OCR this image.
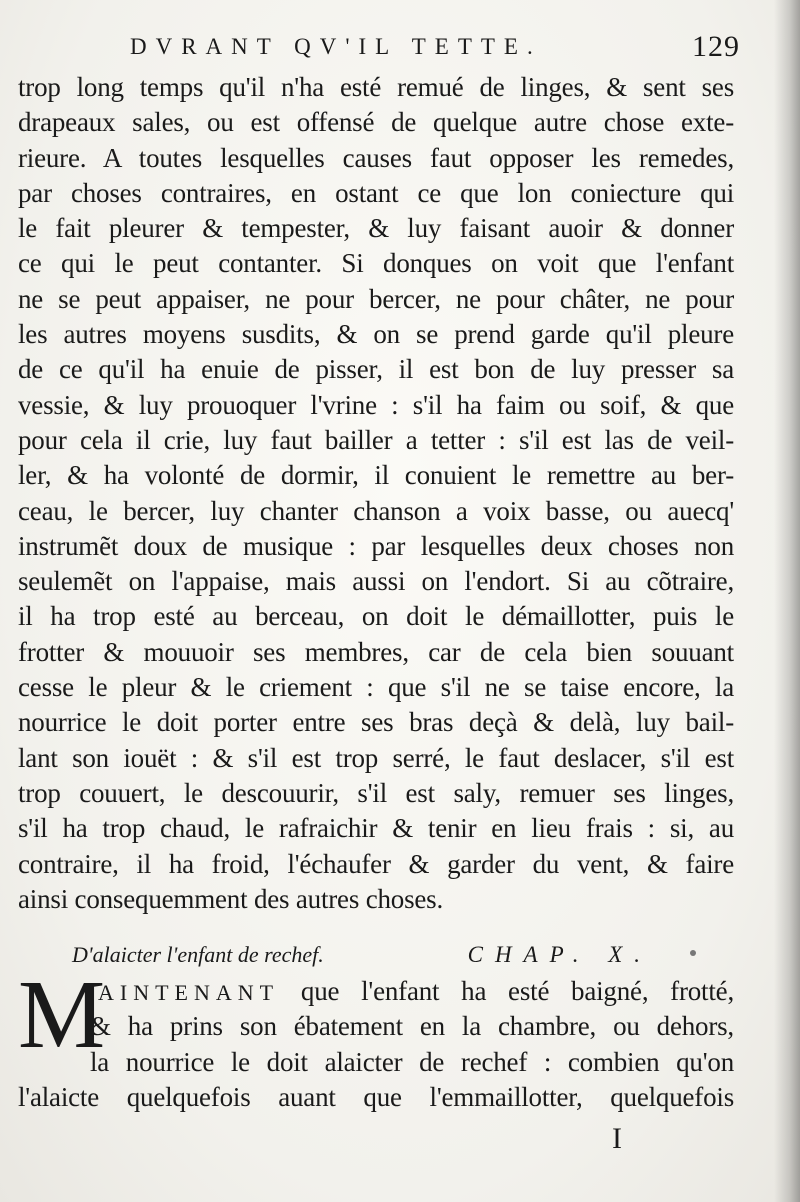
DVRANT QV'IL TETTE.	129
trop long temps qu'il n'ha esté remué de linges, & sent ses
drapeaux sales, ou est offensé de quelque autre chose exte-
rieure. A toutes lesquelles causes faut opposer les remedes,
par choses contraires, en ostant ce que lon coniecture qui
le fait pleurer & tempester, & luy faisant auoir & donner
ce qui le peut contanter. Si donques on voit que l'enfant
ne se peut appaiser, ne pour bercer, ne pour châter, ne pour
les autres moyens susdits, & on se prend garde qu'il pleure
de ce qu'il ha enuie de pisser, il est bon de luy presser sa
vessie, & luy prouoquer l'vrine : s'il ha faim ou soif, & que
pour cela il crie, luy faut bailler a tetter : s'il est las de veil-
ler, & ha volonté de dormir, il conuient le remettre au ber-
ceau, le bercer, luy chanter chanson a voix basse, ou auecq'
instrumẽt doux de musique : par lesquelles deux choses non
seulemẽt on l'appaise, mais aussi on l'endort. Si au cõtraire,
il ha trop esté au berceau, on doit le démaillotter, puis le
frotter & mouuoir ses membres, car de cela bien souuant
cesse le pleur & le criement : que s'il ne se taise encore, la
nourrice le doit porter entre ses bras deçà & delà, luy bail-
lant son iouët : & s'il est trop serré, le faut deslacer, s'il est
trop couuert, le descouurir, s'il est saly, remuer ses linges,
s'il ha trop chaud, le rafraichir & tenir en lieu frais : si, au
contraire, il ha froid, l'échaufer & garder du vent, & faire
ainsi consequemment des autres choses.
D'alaicter l'enfant de rechef.	CHAP. X.
M
AINTENANT que l'enfant ha esté baigné, frotté,
& ha prins son ébatement en la chambre, ou dehors,
la nourrice le doit alaicter de rechef : combien qu'on
l'alaicte quelquefois auant que l'emmaillotter, quelquefois
I
